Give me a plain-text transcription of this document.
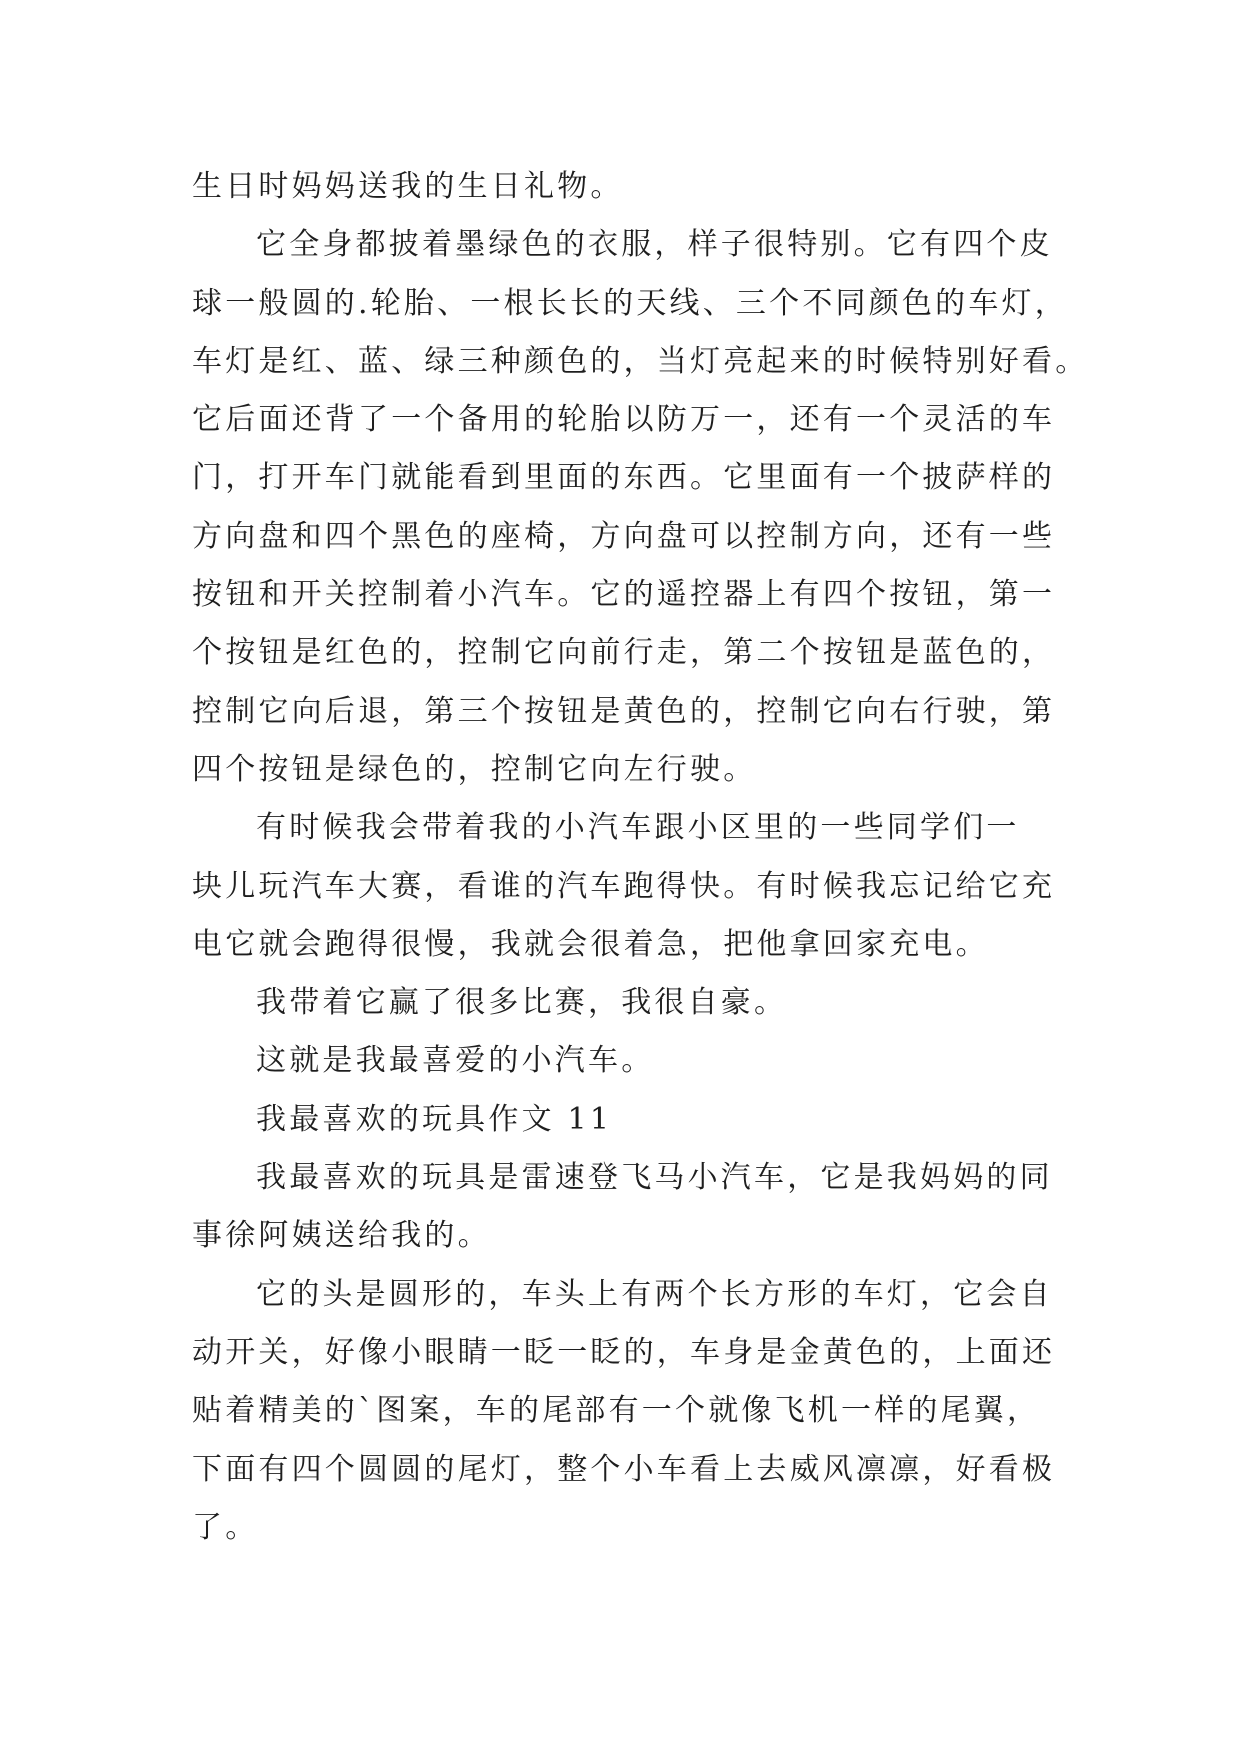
生日时妈妈送我的生日礼物。
它全身都披着墨绿色的衣服，样子很特别。它有四个皮
球一般圆的.轮胎、一根长长的天线、三个不同颜色的车灯，
车灯是红、蓝、绿三种颜色的，当灯亮起来的时候特别好看。
它后面还背了一个备用的轮胎以防万一，还有一个灵活的车
门，打开车门就能看到里面的东西。它里面有一个披萨样的
方向盘和四个黑色的座椅，方向盘可以控制方向，还有一些
按钮和开关控制着小汽车。它的遥控器上有四个按钮，第一
个按钮是红色的，控制它向前行走，第二个按钮是蓝色的，
控制它向后退，第三个按钮是黄色的，控制它向右行驶，第
四个按钮是绿色的，控制它向左行驶。
有时候我会带着我的小汽车跟小区里的一些同学们一
块儿玩汽车大赛，看谁的汽车跑得快。有时候我忘记给它充
电它就会跑得很慢，我就会很着急，把他拿回家充电。
我带着它赢了很多比赛，我很自豪。
这就是我最喜爱的小汽车。
我最喜欢的玩具作文 11
我最喜欢的玩具是雷速登飞马小汽车，它是我妈妈的同
事徐阿姨送给我的。
它的头是圆形的，车头上有两个长方形的车灯，它会自
动开关，好像小眼睛一眨一眨的，车身是金黄色的，上面还
贴着精美的`图案，车的尾部有一个就像飞机一样的尾翼，
下面有四个圆圆的尾灯，整个小车看上去威风凛凛，好看极
了。
